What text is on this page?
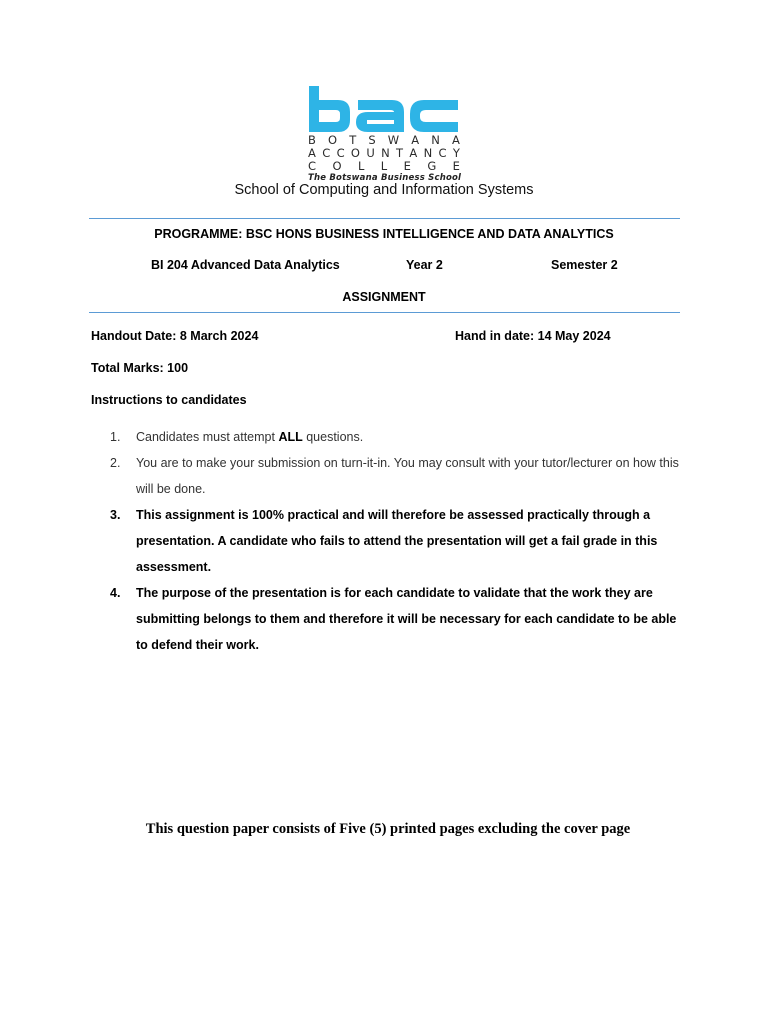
B O T S W A N A
A C C O U N T A N C Y
C O L L E G E
The Botswana Business School
School of Computing and Information Systems
PROGRAMME: BSC HONS BUSINESS INTELLIGENCE AND DATA ANALYTICS
BI 204 Advanced Data Analytics	Year 2	Semester 2
ASSIGNMENT
Handout Date: 8 March 2024	Hand in date: 14 May 2024
Total Marks: 100
Instructions to candidates
1. Candidates must attempt ALL questions.
2. You are to make your submission on turn-it-in. You may consult with your tutor/lecturer on how this will be done.
3. This assignment is 100% practical and will therefore be assessed practically through a presentation. A candidate who fails to attend the presentation will get a fail grade in this assessment.
4. The purpose of the presentation is for each candidate to validate that the work they are submitting belongs to them and therefore it will be necessary for each candidate to be able to defend their work.
This question paper consists of Five (5) printed pages excluding the cover page
